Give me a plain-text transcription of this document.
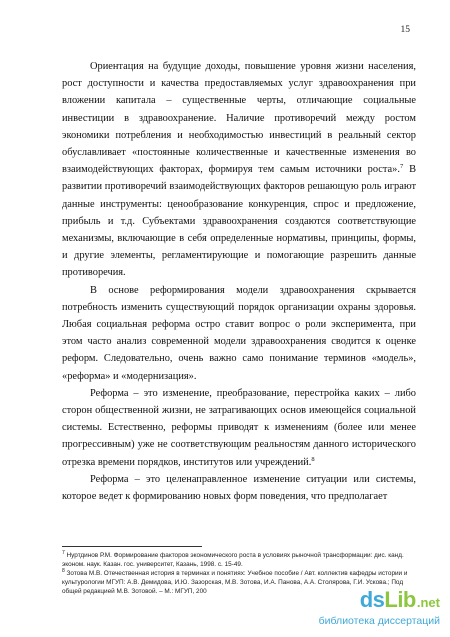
15

Ориентация на будущие доходы, повышение уровня жизни населения, рост доступности и качества предоставляемых услуг здравоохранения при вложении капитала – существенные черты, отличающие социальные инвестиции в здравоохранение. Наличие противоречий между ростом экономики потребления и необходимостью инвестиций в реальный сектор обуславливает «постоянные количественные и качественные изменения во взаимодействующих факторах, формируя тем самым источники роста».$^7$ В развитии противоречий взаимодействующих факторов решающую роль играют данные инструменты: ценообразование конкуренция, спрос и предложение, прибыль и т.д. Субъектами здравоохранения создаются соответствующие механизмы, включающие в себя определенные нормативы, принципы, формы, и другие элементы, регламентирующие и помогающие разрешить данные противоречия.

В основе реформирования модели здравоохранения скрывается потребность изменить существующий порядок организации охраны здоровья. Любая социальная реформа остро ставит вопрос о роли эксперимента, при этом часто анализ современной модели здравоохранения сводится к оценке реформ. Следовательно, очень важно само понимание терминов «модель», «реформа» и «модернизация».

Реформа – это изменение, преобразование, перестройка каких – либо сторон общественной жизни, не затрагивающих основ имеющейся социальной системы. Естественно, реформы приводят к изменениям (более или менее прогрессивным) уже не соответствующим реальностям данного исторического отрезка времени порядков, институтов или учреждений.$^8$

Реформа – это целенаправленное изменение ситуации или системы, которое ведет к формированию новых форм поведения, что предполагает

$^7$ Нуртдинов Р.М. Формирование факторов экономического роста в условиях рыночной трансформации: дис. канд. эконом. наук. Казан. гос. университет, Казань, 1998. с. 15-49.

$^8$ Зотова М.В. Отечественная история в терминах и понятиях: Учебное пособие / Авт. коллектив кафедры истории и культурологии МГУП: А.В. Демидова, И.Ю. Зазорская, М.В. Зотова, И.А. Панова, А.А. Столярова, Г.И. Ускова.; Под общей редакцией М.В. Зотовой. – М.: МГУП, 200	ds Lib .net
библиотека диссертаций
